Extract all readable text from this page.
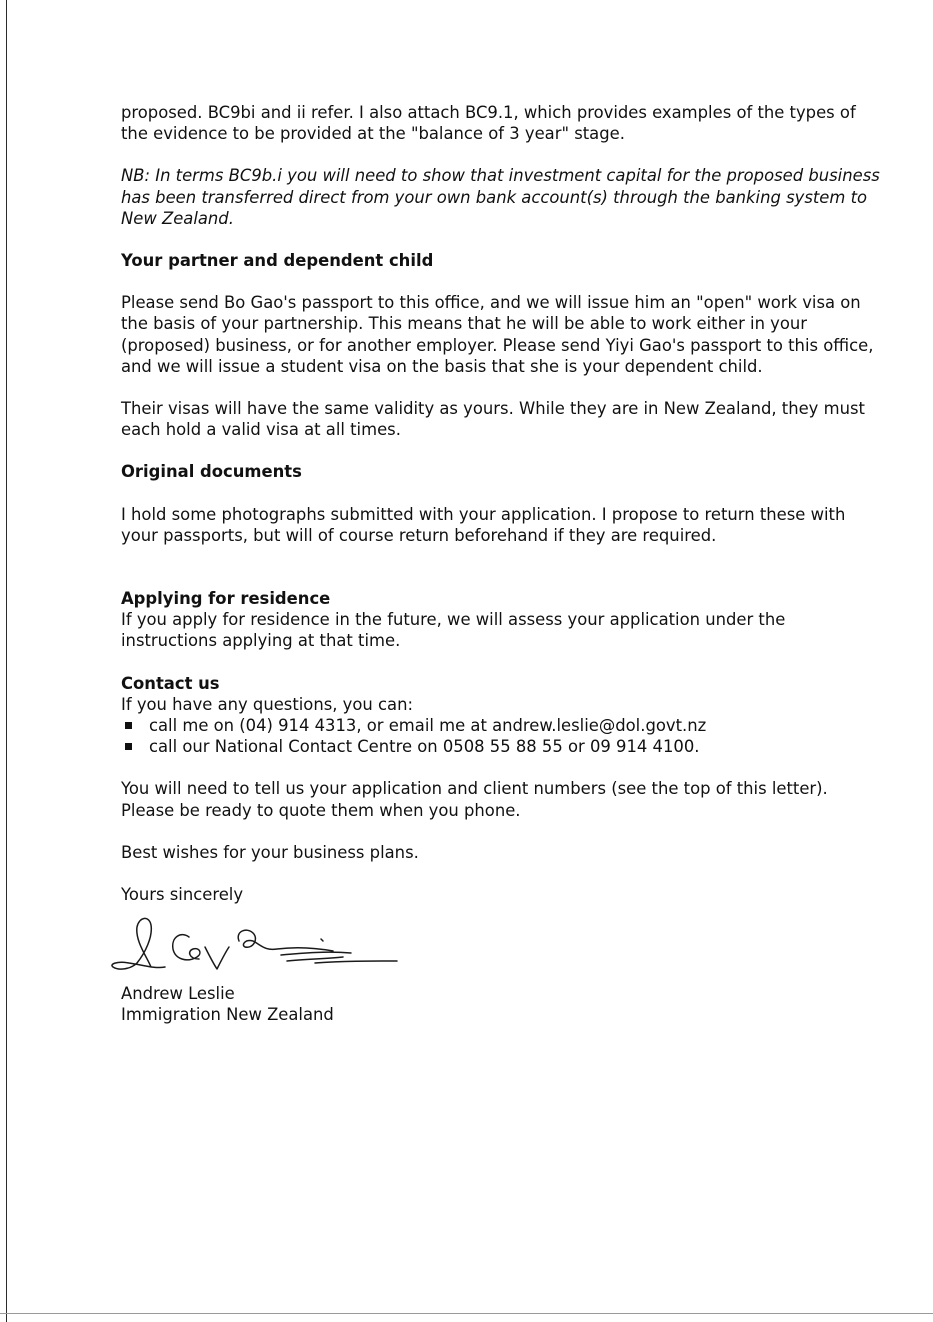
proposed. BC9bi and ii refer. I also attach BC9.1, which provides examples of the types of the evidence to be provided at the "balance of 3 year" stage.

NB: In terms BC9b.i you will need to show that investment capital for the proposed business has been transferred direct from your own bank account(s) through the banking system to New Zealand.

Your partner and dependent child

Please send Bo Gao's passport to this office, and we will issue him an "open" work visa on the basis of your partnership. This means that he will be able to work either in your (proposed) business, or for another employer. Please send Yiyi Gao's passport to this office, and we will issue a student visa on the basis that she is your dependent child.

Their visas will have the same validity as yours. While they are in New Zealand, they must each hold a valid visa at all times.

Original documents

I hold some photographs submitted with your application. I propose to return these with your passports, but will of course return beforehand if they are required.

Applying for residence

If you apply for residence in the future, we will assess your application under the instructions applying at that time.

Contact us
If you have any questions, you can:
call me on (04) 914 4313, or email me at andrew.leslie@dol.govt.nz
call our National Contact Centre on 0508 55 88 55 or 09 914 4100.

You will need to tell us your application and client numbers (see the top of this letter). Please be ready to quote them when you phone.

Best wishes for your business plans.

Yours sincerely

Andrew Leslie

Immigration New Zealand
